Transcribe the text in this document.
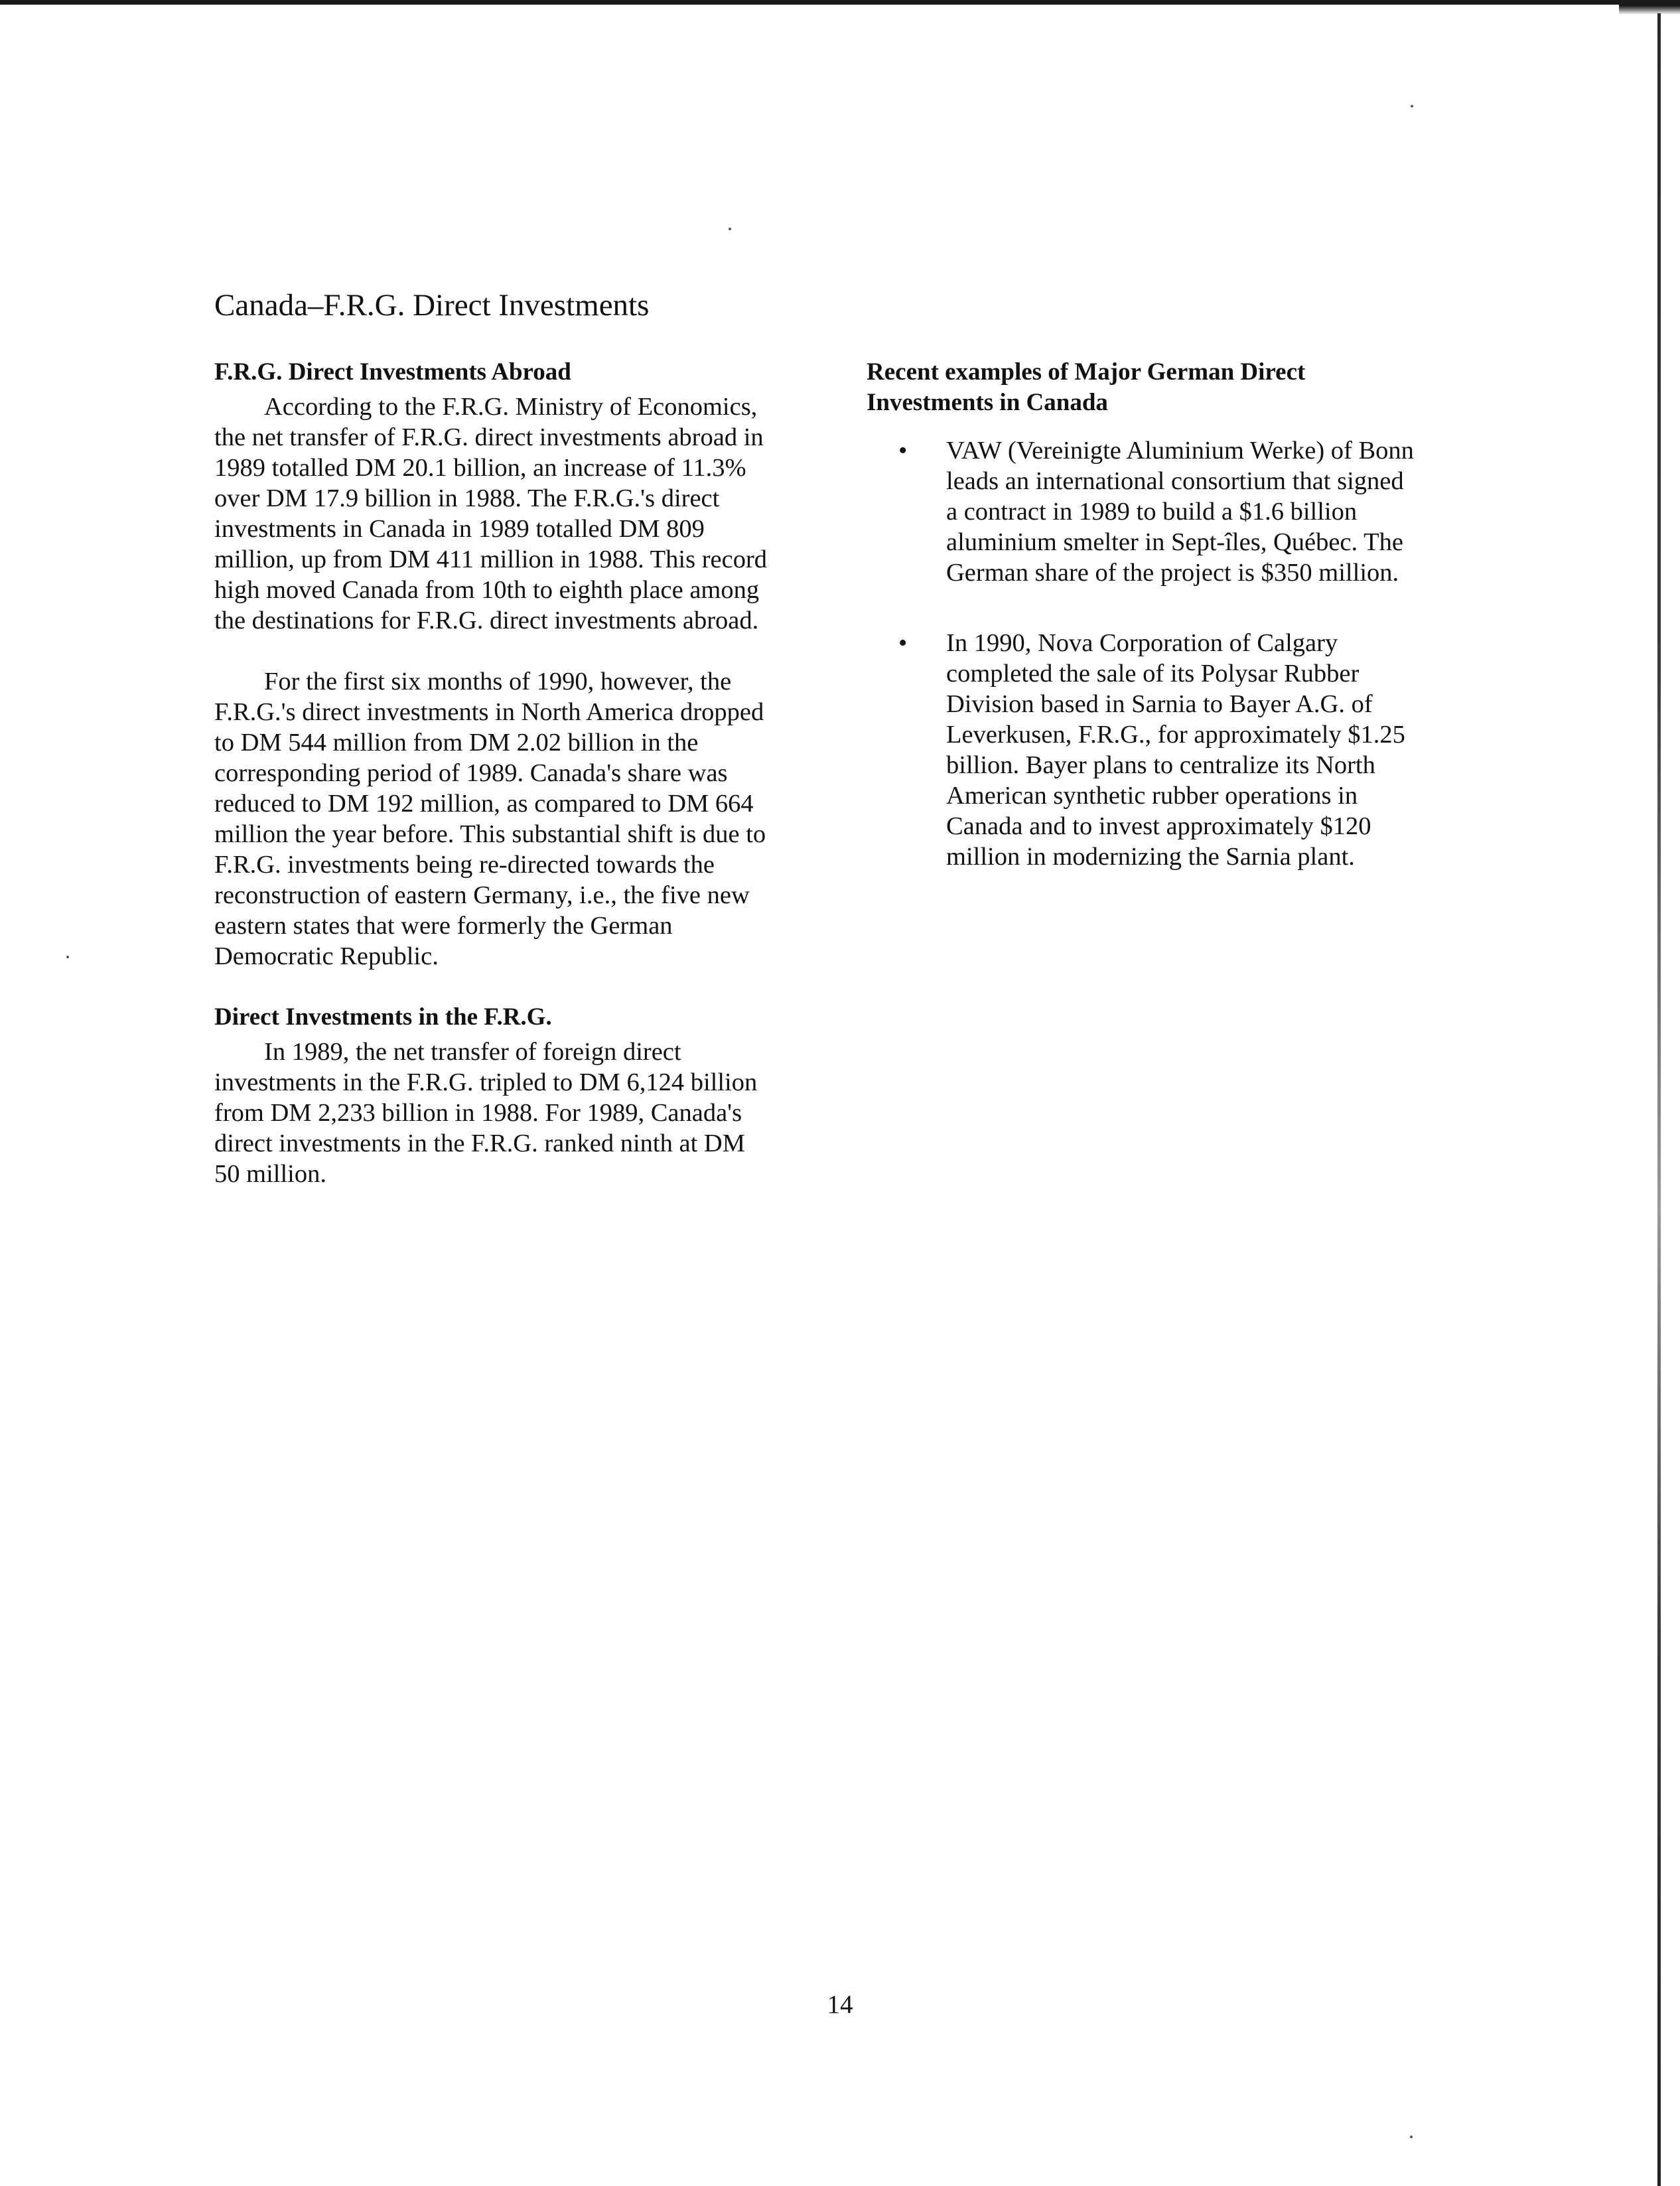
Canada–F.R.G. Direct Investments
F.R.G. Direct Investments Abroad

According to the F.R.G. Ministry of Economics, the net transfer of F.R.G. direct investments abroad in 1989 totalled DM 20.1 billion, an increase of 11.3% over DM 17.9 billion in 1988. The F.R.G.'s direct investments in Canada in 1989 totalled DM 809 million, up from DM 411 million in 1988. This record high moved Canada from 10th to eighth place among the destinations for F.R.G. direct investments abroad.

For the first six months of 1990, however, the F.R.G.'s direct investments in North America dropped to DM 544 million from DM 2.02 billion in the corresponding period of 1989. Canada's share was reduced to DM 192 million, as compared to DM 664 million the year before. This substantial shift is due to F.R.G. investments being re-directed towards the reconstruction of eastern Germany, i.e., the five new eastern states that were formerly the German Democratic Republic.

Direct Investments in the F.R.G.

In 1989, the net transfer of foreign direct investments in the F.R.G. tripled to DM 6,124 billion from DM 2,233 billion in 1988. For 1989, Canada's direct investments in the F.R.G. ranked ninth at DM 50 million.

Recent examples of Major German Direct Investments in Canada
• VAW (Vereinigte Aluminium Werke) of Bonn leads an international consortium that signed a contract in 1989 to build a $1.6 billion aluminium smelter in Sept-îles, Québec. The German share of the project is $350 million.
• In 1990, Nova Corporation of Calgary completed the sale of its Polysar Rubber Division based in Sarnia to Bayer A.G. of Leverkusen, F.R.G., for approximately $1.25 billion. Bayer plans to centralize its North American synthetic rubber operations in Canada and to invest approximately $120 million in modernizing the Sarnia plant.
14
